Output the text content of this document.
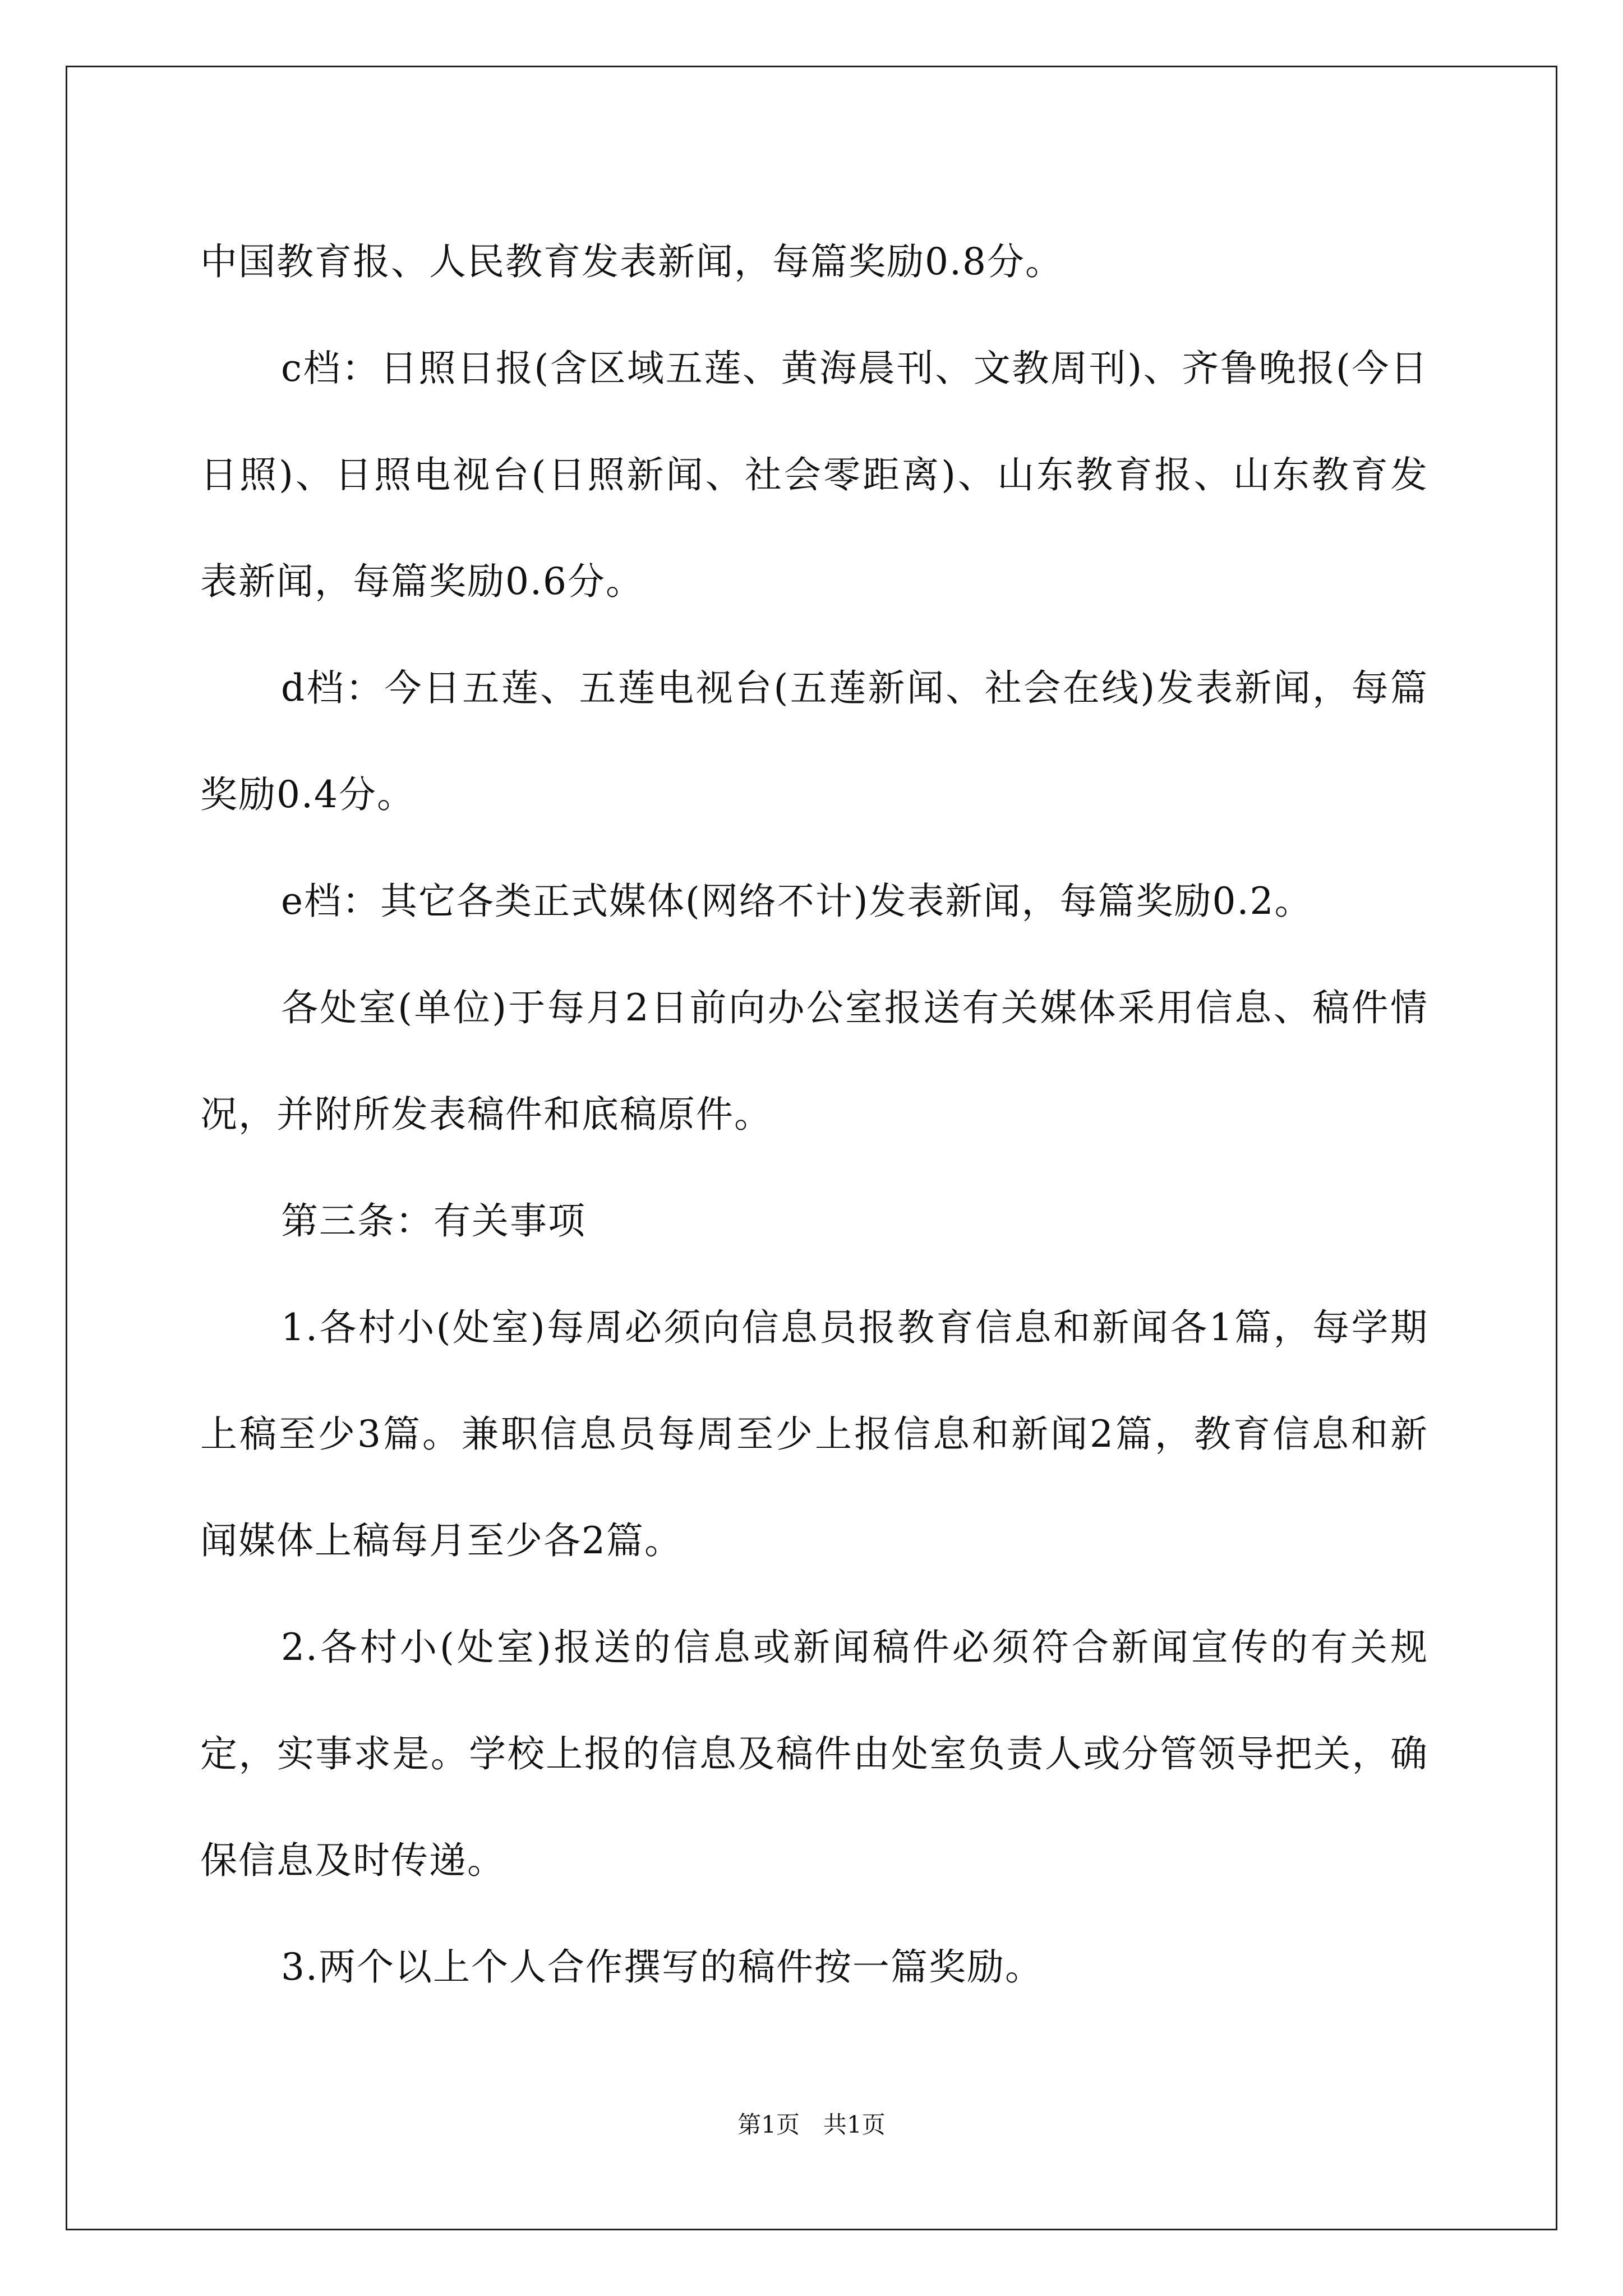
中国教育报、人民教育发表新闻，每篇奖励0.8分。

c档：日照日报(含区域五莲、黄海晨刊、文教周刊)、齐鲁晚报(今日日照)、日照电视台(日照新闻、社会零距离)、山东教育报、山东教育发表新闻，每篇奖励0.6分。

d档：今日五莲、五莲电视台(五莲新闻、社会在线)发表新闻，每篇奖励0.4分。

e档：其它各类正式媒体(网络不计)发表新闻，每篇奖励0.2。

各处室(单位)于每月2日前向办公室报送有关媒体采用信息、稿件情况，并附所发表稿件和底稿原件。

第三条：有关事项

1.各村小(处室)每周必须向信息员报教育信息和新闻各1篇，每学期上稿至少3篇。兼职信息员每周至少上报信息和新闻2篇，教育信息和新闻媒体上稿每月至少各2篇。

2.各村小(处室)报送的信息或新闻稿件必须符合新闻宣传的有关规定，实事求是。学校上报的信息及稿件由处室负责人或分管领导把关，确保信息及时传递。

3.两个以上个人合作撰写的稿件按一篇奖励。

第1页　共1页
